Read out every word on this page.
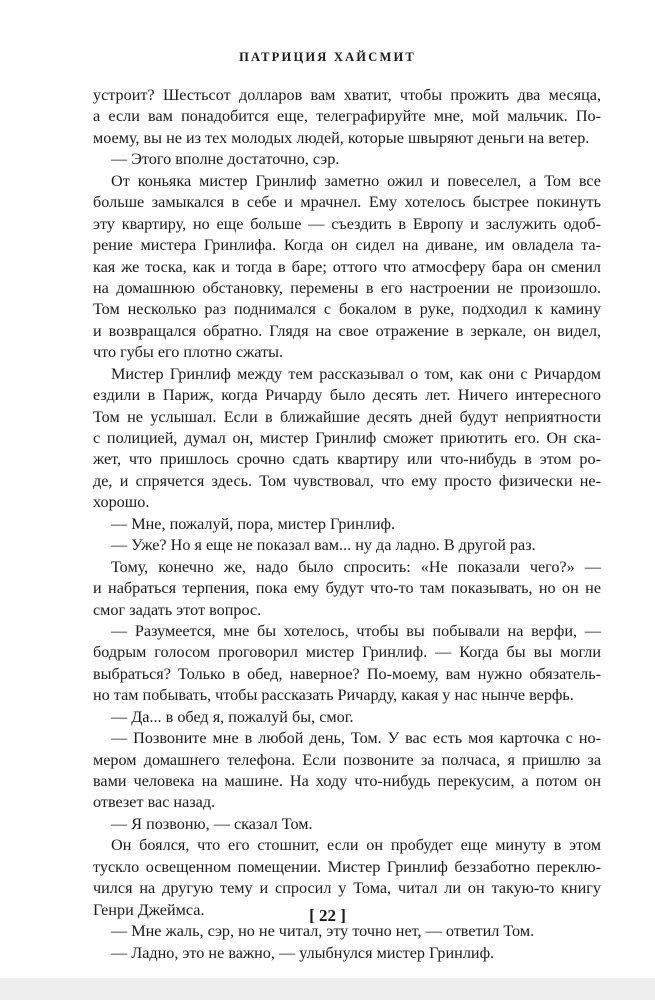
ПАТРИЦИЯ ХАЙСМИТ
устроит? Шестьсот долларов вам хватит, чтобы прожить два месяца,
а если вам понадобится еще, телеграфируйте мне, мой мальчик. По-
моему, вы не из тех молодых людей, которые швыряют деньги на ветер.
— Этого вполне достаточно, сэр.
От коньяка мистер Гринлиф заметно ожил и повеселел, а Том все
больше замыкался в себе и мрачнел. Ему хотелось быстрее покинуть
эту квартиру, но еще больше — съездить в Европу и заслужить одоб-
рение мистера Гринлифа. Когда он сидел на диване, им овладела та-
кая же тоска, как и тогда в баре; оттого что атмосферу бара он сменил
на домашнюю обстановку, перемены в его настроении не произошло.
Том несколько раз поднимался с бокалом в руке, подходил к камину
и возвращался обратно. Глядя на свое отражение в зеркале, он видел,
что губы его плотно сжаты.
Мистер Гринлиф между тем рассказывал о том, как они с Ричардом
ездили в Париж, когда Ричарду было десять лет. Ничего интересного
Том не услышал. Если в ближайшие десять дней будут неприятности
с полицией, думал он, мистер Гринлиф сможет приютить его. Он ска-
жет, что пришлось срочно сдать квартиру или что-нибудь в этом ро-
де, и спрячется здесь. Том чувствовал, что ему просто физически не-
хорошо.
— Мне, пожалуй, пора, мистер Гринлиф.
— Уже? Но я еще не показал вам... ну да ладно. В другой раз.
Тому, конечно же, надо было спросить: «Не показали чего?» —
и набраться терпения, пока ему будут что-то там показывать, но он не
смог задать этот вопрос.
— Разумеется, мне бы хотелось, чтобы вы побывали на верфи, —
бодрым голосом проговорил мистер Гринлиф. — Когда бы вы могли
выбраться? Только в обед, наверное? По-моему, вам нужно обязатель-
но там побывать, чтобы рассказать Ричарду, какая у нас нынче верфь.
— Да... в обед я, пожалуй бы, смог.
— Позвоните мне в любой день, Том. У вас есть моя карточка с но-
мером домашнего телефона. Если позвоните за полчаса, я пришлю за
вами человека на машине. На ходу что-нибудь перекусим, а потом он
отвезет вас назад.
— Я позвоню, — сказал Том.
Он боялся, что его стошнит, если он пробудет еще минуту в этом
тускло освещенном помещении. Мистер Гринлиф беззаботно переклю-
чился на другую тему и спросил у Тома, читал ли он такую-то книгу
Генри Джеймса.
— Мне жаль, сэр, но не читал, эту точно нет, — ответил Том.
— Ладно, это не важно, — улыбнулся мистер Гринлиф.
[ 22 ]
